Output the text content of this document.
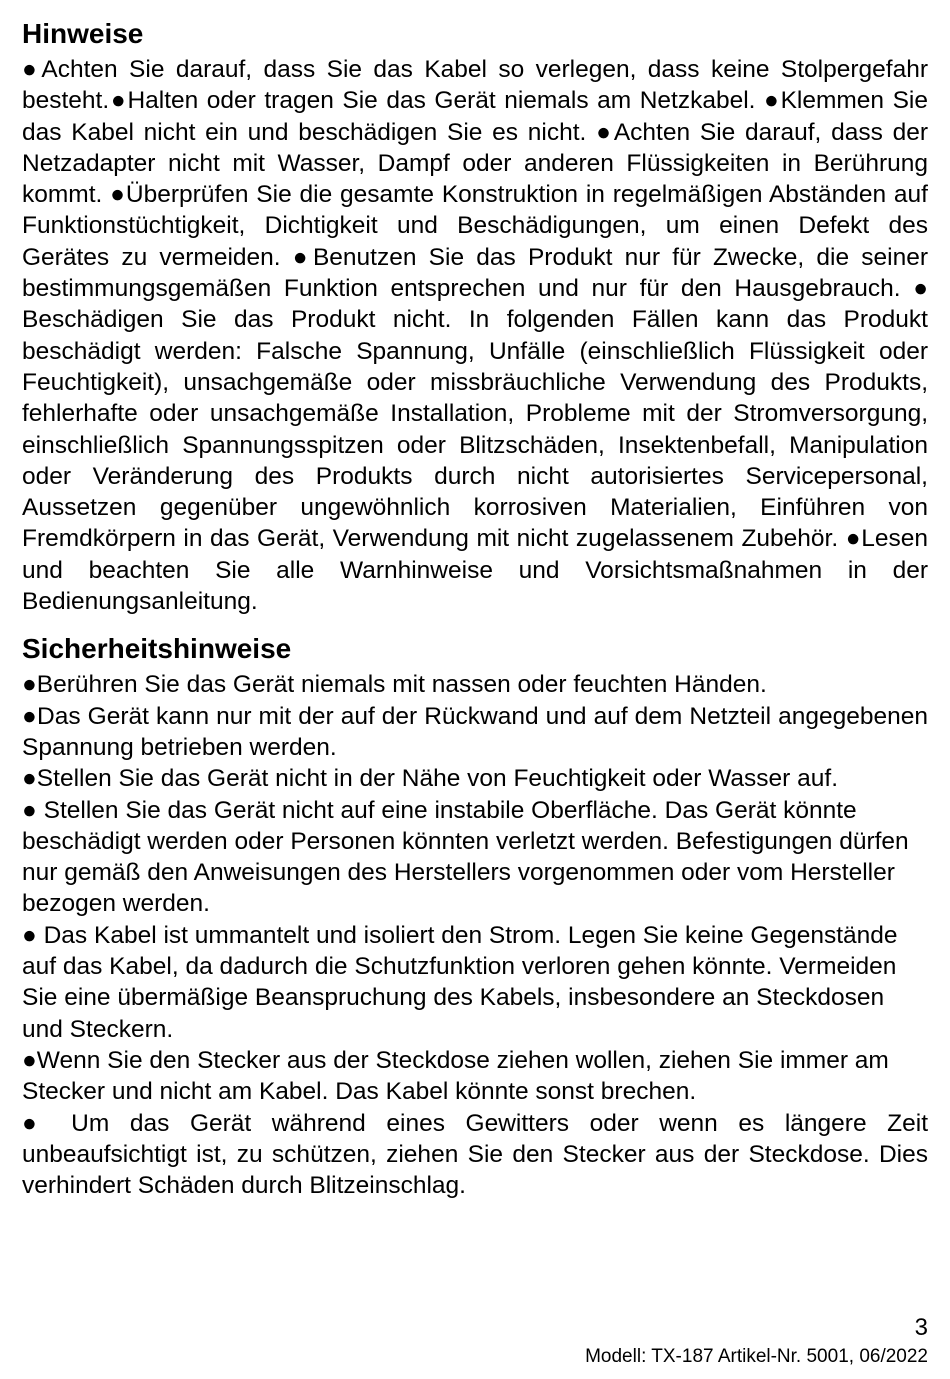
Hinweise

●Achten Sie darauf, dass Sie das Kabel so verlegen, dass keine Stolpergefahr besteht.●Halten oder tragen Sie das Gerät niemals am Netzkabel. ●Klemmen Sie das Kabel nicht ein und beschädigen Sie es nicht. ●Achten Sie darauf, dass der Netzadapter nicht mit Wasser, Dampf oder anderen Flüssigkeiten in Berührung kommt. ●Überprüfen Sie die gesamte Konstruktion in regelmäßigen Abständen auf Funktionstüchtigkeit, Dichtigkeit und Beschädigungen, um einen Defekt des Gerätes zu vermeiden. ●Benutzen Sie das Produkt nur für Zwecke, die seiner bestimmungsgemäßen Funktion entsprechen und nur für den Hausgebrauch. ● Beschädigen Sie das Produkt nicht. In folgenden Fällen kann das Produkt beschädigt werden: Falsche Spannung, Unfälle (einschließlich Flüssigkeit oder Feuchtigkeit), unsachgemäße oder missbräuchliche Verwendung des Produkts, fehlerhafte oder unsachgemäße Installation, Probleme mit der Stromversorgung, einschließlich Spannungsspitzen oder Blitzschäden, Insektenbefall, Manipulation oder Veränderung des Produkts durch nicht autorisiertes Servicepersonal, Aussetzen gegenüber ungewöhnlich korrosiven Materialien, Einführen von Fremdkörpern in das Gerät, Verwendung mit nicht zugelassenem Zubehör. ●Lesen und beachten Sie alle Warnhinweise und Vorsichtsmaßnahmen in der Bedienungsanleitung.

Sicherheitshinweise

●Berühren Sie das Gerät niemals mit nassen oder feuchten Händen.

●Das Gerät kann nur mit der auf der Rückwand und auf dem Netzteil angegebenen Spannung betrieben werden.

●Stellen Sie das Gerät nicht in der Nähe von Feuchtigkeit oder Wasser auf.

● Stellen Sie das Gerät nicht auf eine instabile Oberfläche. Das Gerät könnte beschädigt werden oder Personen könnten verletzt werden. Befestigungen dürfen nur gemäß den Anweisungen des Herstellers vorgenommen oder vom Hersteller bezogen werden.

● Das Kabel ist ummantelt und isoliert den Strom. Legen Sie keine Gegenstände auf das Kabel, da dadurch die Schutzfunktion verloren gehen könnte. Vermeiden Sie eine übermäßige Beanspruchung des Kabels, insbesondere an Steckdosen und Steckern.

●Wenn Sie den Stecker aus der Steckdose ziehen wollen, ziehen Sie immer am Stecker und nicht am Kabel. Das Kabel könnte sonst brechen.

● Um das Gerät während eines Gewitters oder wenn es längere Zeit unbeaufsichtigt ist, zu schützen, ziehen Sie den Stecker aus der Steckdose. Dies verhindert Schäden durch Blitzeinschlag.

3
Modell: TX-187 Artikel-Nr. 5001, 06/2022
